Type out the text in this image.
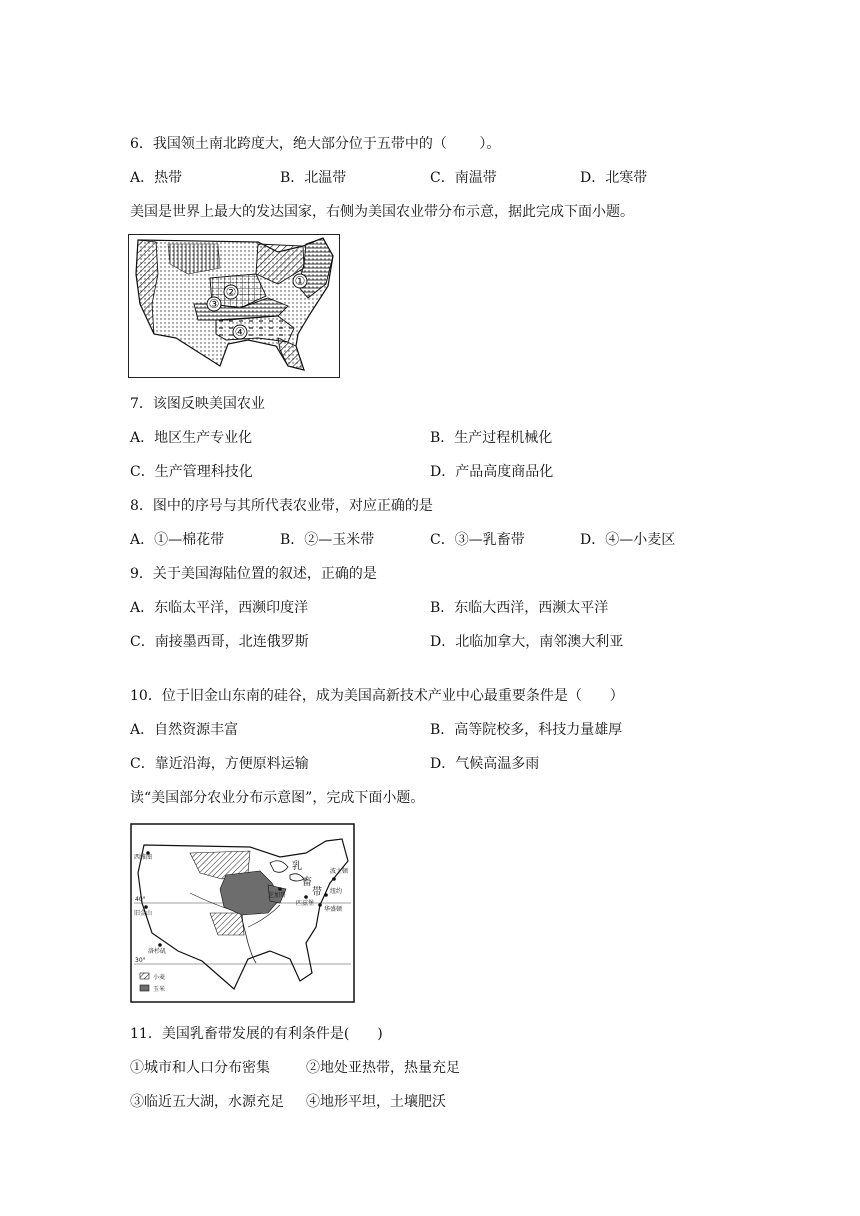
6．我国领土南北跨度大，绝大部分位于五带中的（　　 ）。
A．热带	B．北温带	C．南温带	D．北寒带
美国是世界上最大的发达国家，右侧为美国农业带分布示意，据此完成下面小题。
①
②
③
④
7．该图反映美国农业
A．地区生产专业化	B．生产过程机械化
C．生产管理科技化	D．产品高度商品化
8．图中的序号与其所代表农业带，对应正确的是
A．①—棉花带	B．②—玉米带	C．③—乳畜带	D．④—小麦区
9．关于美国海陆位置的叙述，正确的是
A．东临太平洋，西濒印度洋	B．东临大西洋，西濒太平洋
C．南接墨西哥，北连俄罗斯	D．北临加拿大，南邻澳大利亚
10．位于旧金山东南的硅谷，成为美国高新技术产业中心最重要条件是（　　）
A．自然资源丰富	B．高等院校多，科技力量雄厚
C．靠近沿海，方便原料运输	D．气候高温多雨
读“美国部分农业分布示意图”，完成下面小题。
西雅图
乳
畜
带
旧金山
洛杉矶
40°
30°
芝加哥
匹兹堡
波士顿
纽约
华盛顿
小麦
玉米
11．美国乳畜带发展的有利条件是(　　)
①城市和人口分布密集	②地处亚热带，热量充足
③临近五大湖，水源充足 ④地形平坦，土壤肥沃
